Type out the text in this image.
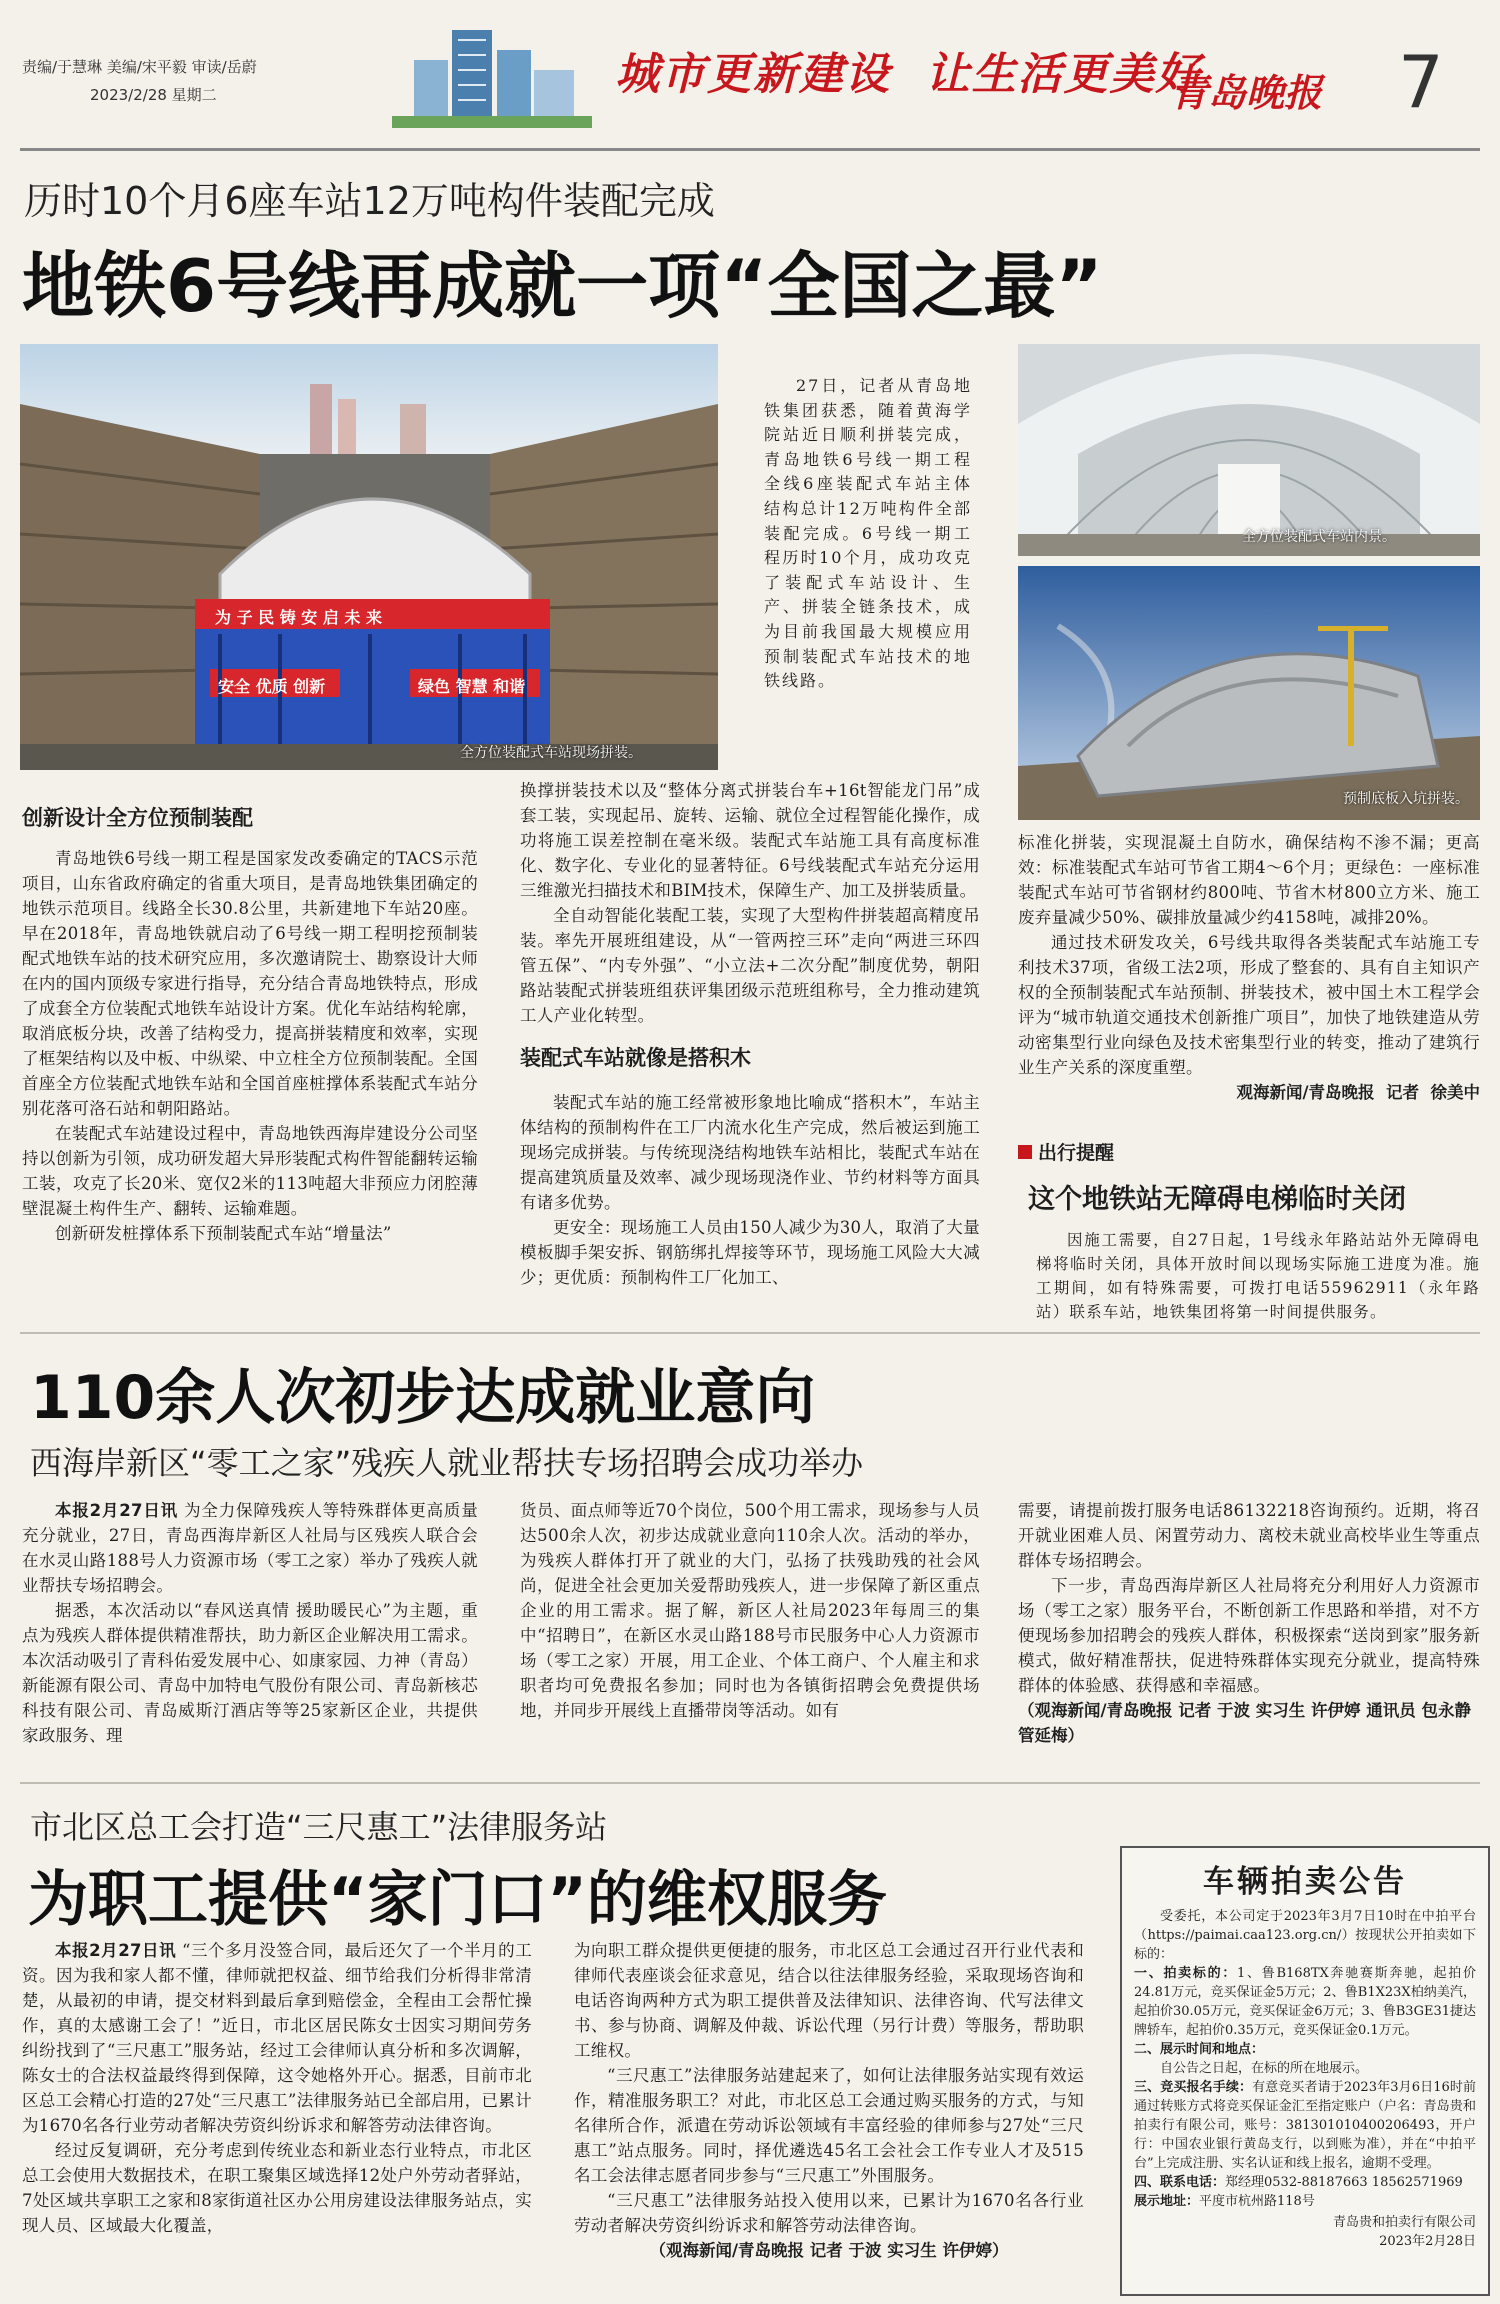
责编/于慧琳 美编/宋平毅 审读/岳蔚
2023/2/28 星期二	城市更新建设  让生活更美好
青岛晚报 7
历时10个月6座车站12万吨构件装配完成
地铁6号线再成就一项“全国之最”
为 子 民 铸 安 启 未 来
安全 优质 创新	绿色 智慧 和谐
全方位装配式车站现场拼装。

27日，记者从青岛地铁集团获悉，随着黄海学院站近日顺利拼装完成，青岛地铁6号线一期工程全线6座装配式车站主体结构总计12万吨构件全部装配完成。6号线一期工程历时10个月，成功攻克了装配式车站设计、生产、拼装全链条技术，成为目前我国最大规模应用预制装配式车站技术的地铁线路。

全方位装配式车站内景。
预制底板入坑拼装。
创新设计全方位预制装配

青岛地铁6号线一期工程是国家发改委确定的TACS示范项目，山东省政府确定的省重大项目，是青岛地铁集团确定的地铁示范项目。线路全长30.8公里，共新建地下车站20座。早在2018年，青岛地铁就启动了6号线一期工程明挖预制装配式地铁车站的技术研究应用，多次邀请院士、勘察设计大师在内的国内顶级专家进行指导，充分结合青岛地铁特点，形成了成套全方位装配式地铁车站设计方案。优化车站结构轮廓，取消底板分块，改善了结构受力，提高拼装精度和效率，实现了框架结构以及中板、中纵梁、中立柱全方位预制装配。全国首座全方位装配式地铁车站和全国首座桩撑体系装配式车站分别花落可洛石站和朝阳路站。

在装配式车站建设过程中，青岛地铁西海岸建设分公司坚持以创新为引领，成功研发超大异形装配式构件智能翻转运输工装，攻克了长20米、宽仅2米的113吨超大非预应力闭腔薄壁混凝土构件生产、翻转、运输难题。

创新研发桩撑体系下预制装配式车站“增量法”

换撑拼装技术以及“整体分离式拼装台车+16t智能龙门吊”成套工装，实现起吊、旋转、运输、就位全过程智能化操作，成功将施工误差控制在毫米级。装配式车站施工具有高度标准化、数字化、专业化的显著特征。6号线装配式车站充分运用三维激光扫描技术和BIM技术，保障生产、加工及拼装质量。

全自动智能化装配工装，实现了大型构件拼装超高精度吊装。率先开展班组建设，从“一管两控三环”走向“两进三环四管五保”、“内专外强”、“小立法+二次分配”制度优势，朝阳路站装配式拼装班组获评集团级示范班组称号，全力推动建筑工人产业化转型。

装配式车站就像是搭积木

装配式车站的施工经常被形象地比喻成“搭积木”，车站主体结构的预制构件在工厂内流水化生产完成，然后被运到施工现场完成拼装。与传统现浇结构地铁车站相比，装配式车站在提高建筑质量及效率、减少现场现浇作业、节约材料等方面具有诸多优势。

更安全：现场施工人员由150人减少为30人，取消了大量模板脚手架安拆、钢筋绑扎焊接等环节，现场施工风险大大减少；更优质：预制构件工厂化加工、

标准化拼装，实现混凝土自防水，确保结构不渗不漏；更高效：标准装配式车站可节省工期4～6个月；更绿色：一座标准装配式车站可节省钢材约800吨、节省木材800立方米、施工废弃量减少50%、碳排放量减少约4158吨，减排20%。

通过技术研发攻关，6号线共取得各类装配式车站施工专利技术37项，省级工法2项，形成了整套的、具有自主知识产权的全预制装配式车站预制、拼装技术，被中国土木工程学会评为“城市轨道交通技术创新推广项目”，加快了地铁建造从劳动密集型行业向绿色及技术密集型行业的转变，推动了建筑行业生产关系的深度重塑。

观海新闻/青岛晚报  记者  徐美中
出行提醒
这个地铁站无障碍电梯临时关闭

因施工需要，自27日起，1号线永年路站站外无障碍电梯将临时关闭，具体开放时间以现场实际施工进度为准。施工期间，如有特殊需要，可拨打电话55962911（永年路站）联系车站，地铁集团将第一时间提供服务。

110余人次初步达成就业意向
西海岸新区“零工之家”残疾人就业帮扶专场招聘会成功举办

本报2月27日讯 为全力保障残疾人等特殊群体更高质量充分就业，27日，青岛西海岸新区人社局与区残疾人联合会在水灵山路188号人力资源市场（零工之家）举办了残疾人就业帮扶专场招聘会。

据悉，本次活动以“春风送真情 援助暖民心”为主题，重点为残疾人群体提供精准帮扶，助力新区企业解决用工需求。本次活动吸引了青科佑爱发展中心、如康家园、力神（青岛）新能源有限公司、青岛中加特电气股份有限公司、青岛新核芯科技有限公司、青岛威斯汀酒店等等25家新区企业，共提供家政服务、理

货员、面点师等近70个岗位，500个用工需求，现场参与人员达500余人次，初步达成就业意向110余人次。活动的举办，为残疾人群体打开了就业的大门，弘扬了扶残助残的社会风尚，促进全社会更加关爱帮助残疾人，进一步保障了新区重点企业的用工需求。据了解，新区人社局2023年每周三的集中“招聘日”，在新区水灵山路188号市民服务中心人力资源市场（零工之家）开展，用工企业、个体工商户、个人雇主和求职者均可免费报名参加；同时也为各镇街招聘会免费提供场地，并同步开展线上直播带岗等活动。如有

需要，请提前拨打服务电话86132218咨询预约。近期，将召开就业困难人员、闲置劳动力、离校未就业高校毕业生等重点群体专场招聘会。

下一步，青岛西海岸新区人社局将充分利用好人力资源市场（零工之家）服务平台，不断创新工作思路和举措，对不方便现场参加招聘会的残疾人群体，积极探索“送岗到家”服务新模式，做好精准帮扶，促进特殊群体实现充分就业，提高特殊群体的体验感、获得感和幸福感。

（观海新闻/青岛晚报 记者 于波 实习生 许伊婷 通讯员 包永静 管延梅）
市北区总工会打造“三尺惠工”法律服务站
为职工提供“家门口”的维权服务

本报2月27日讯 “三个多月没签合同，最后还欠了一个半月的工资。因为我和家人都不懂，律师就把权益、细节给我们分析得非常清楚，从最初的申请，提交材料到最后拿到赔偿金，全程由工会帮忙操作，真的太感谢工会了！”近日，市北区居民陈女士因实习期间劳务纠纷找到了“三尺惠工”服务站，经过工会律师认真分析和多次调解，陈女士的合法权益最终得到保障，这令她格外开心。据悉，目前市北区总工会精心打造的27处“三尺惠工”法律服务站已全部启用，已累计为1670名各行业劳动者解决劳资纠纷诉求和解答劳动法律咨询。

经过反复调研，充分考虑到传统业态和新业态行业特点，市北区总工会使用大数据技术，在职工聚集区域选择12处户外劳动者驿站，7处区域共享职工之家和8家街道社区办公用房建设法律服务站点，实现人员、区域最大化覆盖，

为向职工群众提供更便捷的服务，市北区总工会通过召开行业代表和律师代表座谈会征求意见，结合以往法律服务经验，采取现场咨询和电话咨询两种方式为职工提供普及法律知识、法律咨询、代写法律文书、参与协商、调解及仲裁、诉讼代理（另行计费）等服务，帮助职工维权。

“三尺惠工”法律服务站建起来了，如何让法律服务站实现有效运作，精准服务职工？对此，市北区总工会通过购买服务的方式，与知名律所合作，派遣在劳动诉讼领域有丰富经验的律师参与27处“三尺惠工”站点服务。同时，择优遴选45名工会社会工作专业人才及515名工会法律志愿者同步参与“三尺惠工”外围服务。

“三尺惠工”法律服务站投入使用以来，已累计为1670名各行业劳动者解决劳资纠纷诉求和解答劳动法律咨询。

（观海新闻/青岛晚报 记者 于波 实习生 许伊婷）
车辆拍卖公告

受委托，本公司定于2023年3月7日10时在中拍平台（https://paimai.caa123.org.cn/）按现状公开拍卖如下标的：

一、拍卖标的：1、鲁B168TX奔驰赛斯奔驰，起拍价24.81万元，竞买保证金5万元；2、鲁B1X23X柏纳美汽，起拍价30.05万元，竞买保证金6万元；3、鲁B3GE31捷达牌轿车，起拍价0.35万元，竞买保证金0.1万元。

二、展示时间和地点：

自公告之日起，在标的所在地展示。

三、竞买报名手续：有意竞买者请于2023年3月6日16时前通过转账方式将竞买保证金汇至指定账户（户名：青岛贵和拍卖行有限公司，账号：381301010400206493，开户行：中国农业银行黄岛支行，以到账为准），并在“中拍平台”上完成注册、实名认证和线上报名，逾期不受理。

四、联系电话：郑经理0532-88187663 18562571969

展示地址：平度市杭州路118号

青岛贵和拍卖行有限公司

2023年2月28日
